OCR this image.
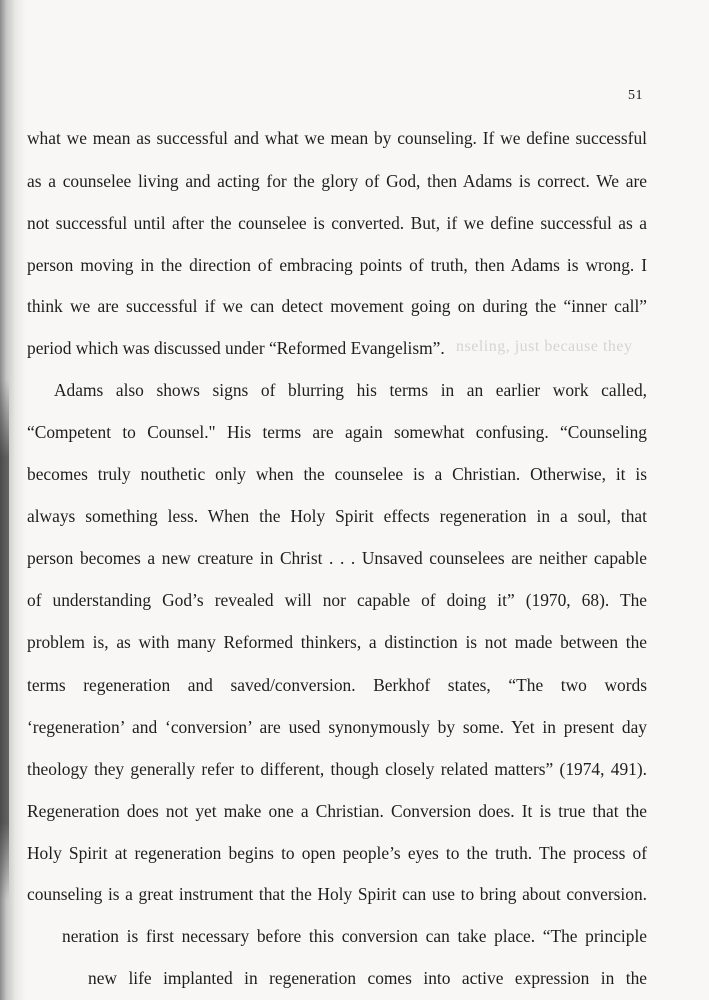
51
nseling, just because they
what we mean as successful and what we mean by counseling. If we define successful
as a counselee living and acting for the glory of God, then Adams is correct. We are
not successful until after the counselee is converted. But, if we define successful as a
person moving in the direction of embracing points of truth, then Adams is wrong. I
think we are successful if we can detect movement going on during the “inner call”
period which was discussed under “Reformed Evangelism”.
Adams also shows signs of blurring his terms in an earlier work called,
“Competent to Counsel." His terms are again somewhat confusing. “Counseling
becomes truly nouthetic only when the counselee is a Christian. Otherwise, it is
always something less. When the Holy Spirit effects regeneration in a soul, that
person becomes a new creature in Christ . . . Unsaved counselees are neither capable
of understanding God’s revealed will nor capable of doing it” (1970, 68). The
problem is, as with many Reformed thinkers, a distinction is not made between the
terms regeneration and saved/conversion. Berkhof states, “The two words
‘regeneration’ and ‘conversion’ are used synonymously by some. Yet in present day
theology they generally refer to different, though closely related matters” (1974, 491).
Regeneration does not yet make one a Christian. Conversion does. It is true that the
Holy Spirit at regeneration begins to open people’s eyes to the truth. The process of
counseling is a great instrument that the Holy Spirit can use to bring about conversion.
neration is first necessary before this conversion can take place. “The principle
new life implanted in regeneration comes into active expression in the
